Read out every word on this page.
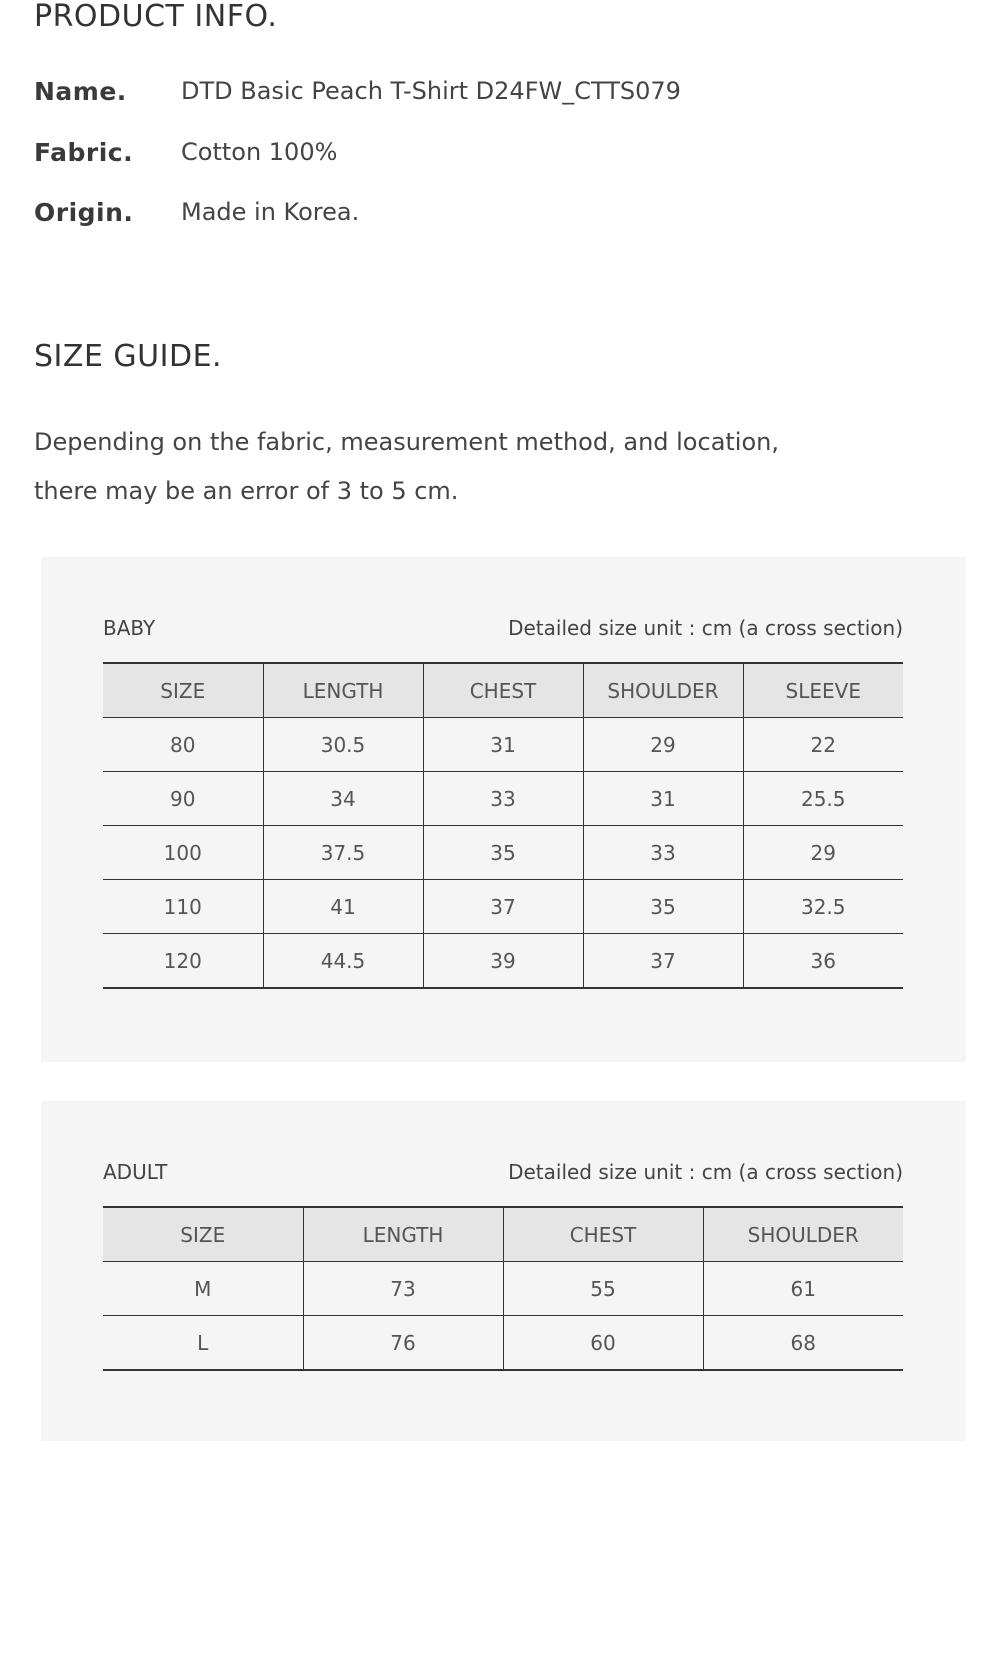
PRODUCT INFO.
Name.	DTD Basic Peach T-Shirt D24FW_CTTS079
Fabric.	Cotton 100%
Origin.	Made in Korea.
SIZE GUIDE.

Depending on the fabric, measurement method, and location,
there may be an error of 3 to 5 cm.

BABY	Detailed size unit : cm (a cross section)
SIZE	LENGTH	CHEST	SHOULDER	SLEEVE
80	30.5	31	29	22
90	34	33	31	25.5
100	37.5	35	33	29
110	41	37	35	32.5
120	44.5	39	37	36
ADULT	Detailed size unit : cm (a cross section)
SIZE	LENGTH	CHEST	SHOULDER
M	73	55	61
L	76	60	68
